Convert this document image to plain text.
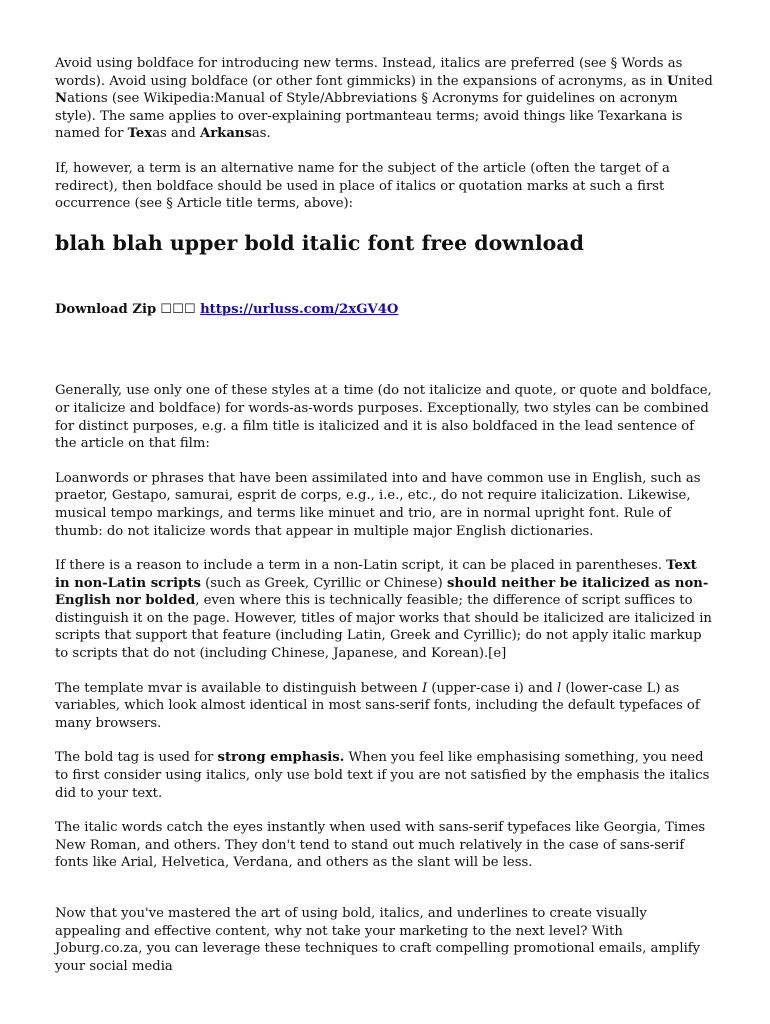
Avoid using boldface for introducing new terms. Instead, italics are preferred (see § Words as words). Avoid using boldface (or other font gimmicks) in the expansions of acronyms, as in United Nations (see Wikipedia:Manual of Style/Abbreviations § Acronyms for guidelines on acronym style). The same applies to over-explaining portmanteau terms; avoid things like Texarkana is named for Texas and Arkansas.

If, however, a term is an alternative name for the subject of the article (often the target of a redirect), then boldface should be used in place of italics or quotation marks at such a first occurrence (see § Article title terms, above):

blah blah upper bold italic font free download
Download Zip ☐☐☐ https://urluss.com/2xGV4O

Generally, use only one of these styles at a time (do not italicize and quote, or quote and boldface, or italicize and boldface) for words-as-words purposes. Exceptionally, two styles can be combined for distinct purposes, e.g. a film title is italicized and it is also boldfaced in the lead sentence of the article on that film:

Loanwords or phrases that have been assimilated into and have common use in English, such as praetor, Gestapo, samurai, esprit de corps, e.g., i.e., etc., do not require italicization. Likewise, musical tempo markings, and terms like minuet and trio, are in normal upright font. Rule of thumb: do not italicize words that appear in multiple major English dictionaries.

If there is a reason to include a term in a non-Latin script, it can be placed in parentheses. Text in non-Latin scripts (such as Greek, Cyrillic or Chinese) should neither be italicized as non-English nor bolded, even where this is technically feasible; the difference of script suffices to distinguish it on the page. However, titles of major works that should be italicized are italicized in scripts that support that feature (including Latin, Greek and Cyrillic); do not apply italic markup to scripts that do not (including Chinese, Japanese, and Korean).[e]

The template mvar is available to distinguish between I (upper-case i) and l (lower-case L) as variables, which look almost identical in most sans-serif fonts, including the default typefaces of many browsers.

The bold tag is used for strong emphasis. When you feel like emphasising something, you need to first consider using italics, only use bold text if you are not satisfied by the emphasis the italics did to your text.

The italic words catch the eyes instantly when used with sans-serif typefaces like Georgia, Times New Roman, and others. They don't tend to stand out much relatively in the case of sans-serif fonts like Arial, Helvetica, Verdana, and others as the slant will be less.

Now that you've mastered the art of using bold, italics, and underlines to create visually appealing and effective content, why not take your marketing to the next level? With Joburg.co.za, you can leverage these techniques to craft compelling promotional emails, amplify your social media
